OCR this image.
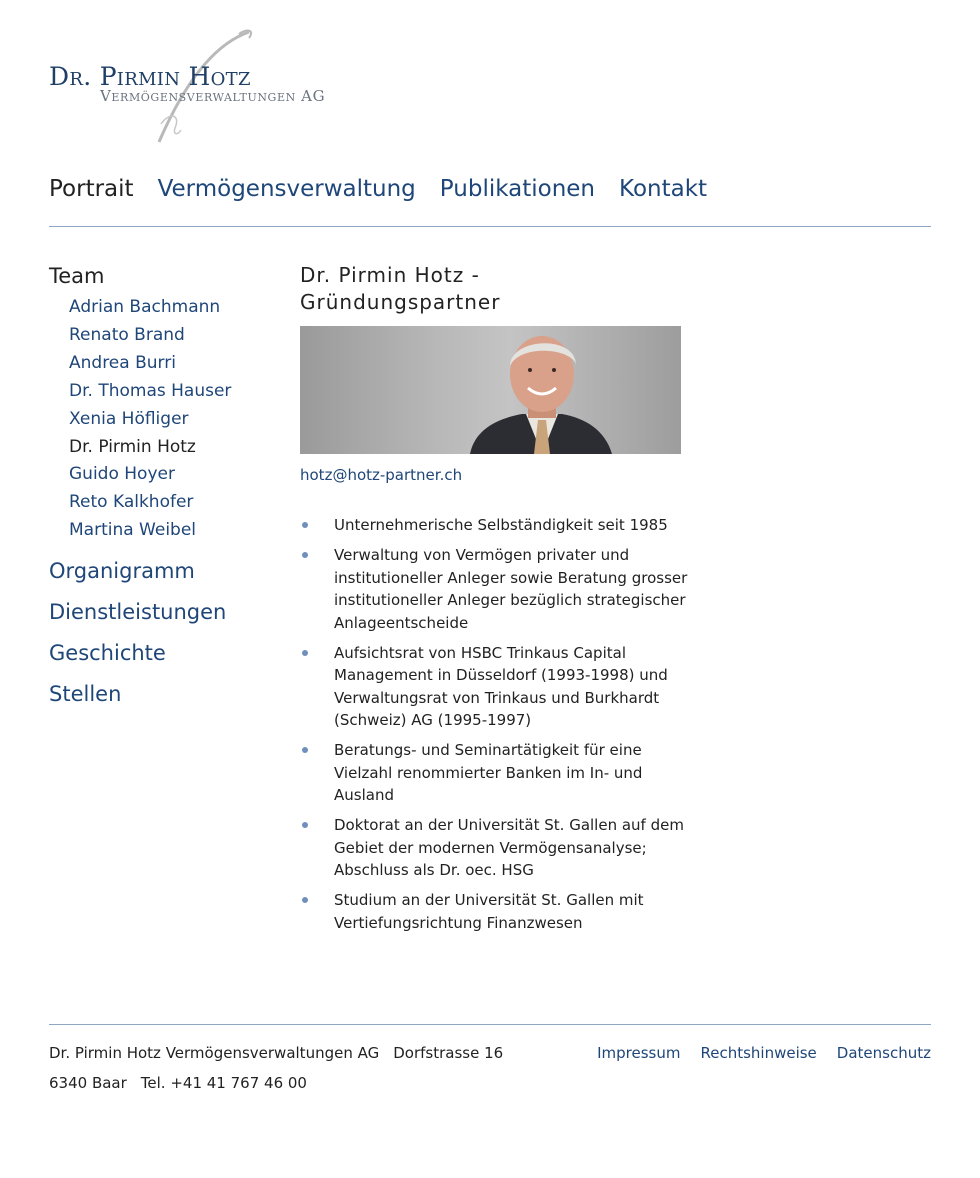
Dr. Pirmin Hotz
Vermögensverwaltungen AG
Portrait Vermögensverwaltung Publikationen Kontakt
Team
Adrian Bachmann
Renato Brand
Andrea Burri
Dr. Thomas Hauser
Xenia Höfliger
Dr. Pirmin Hotz
Guido Hoyer
Reto Kalkhofer
Martina Weibel
Organigramm
Dienstleistungen
Geschichte
Stellen
Dr. Pirmin Hotz - Gründungspartner
hotz@hotz-partner.ch
Unternehmerische Selbständigkeit seit 1985
Verwaltung von Vermögen privater und institutioneller Anleger sowie Beratung grosser institutioneller Anleger bezüglich strategischer Anlageentscheide
Aufsichtsrat von HSBC Trinkaus Capital Management in Düsseldorf (1993-1998) und Verwaltungsrat von Trinkaus und Burkhardt (Schweiz) AG (1995-1997)
Beratungs- und Seminartätigkeit für eine Vielzahl renommierter Banken im In- und Ausland
Doktorat an der Universität St. Gallen auf dem Gebiet der modernen Vermögensanalyse; Abschluss als Dr. oec. HSG
Studium an der Universität St. Gallen mit Vertiefungsrichtung Finanzwesen
Dr. Pirmin Hotz Vermögensverwaltungen AG Dorfstrasse 16
6340 Baar Tel. +41 41 767 46 00
Impressum Rechtshinweise Datenschutz
